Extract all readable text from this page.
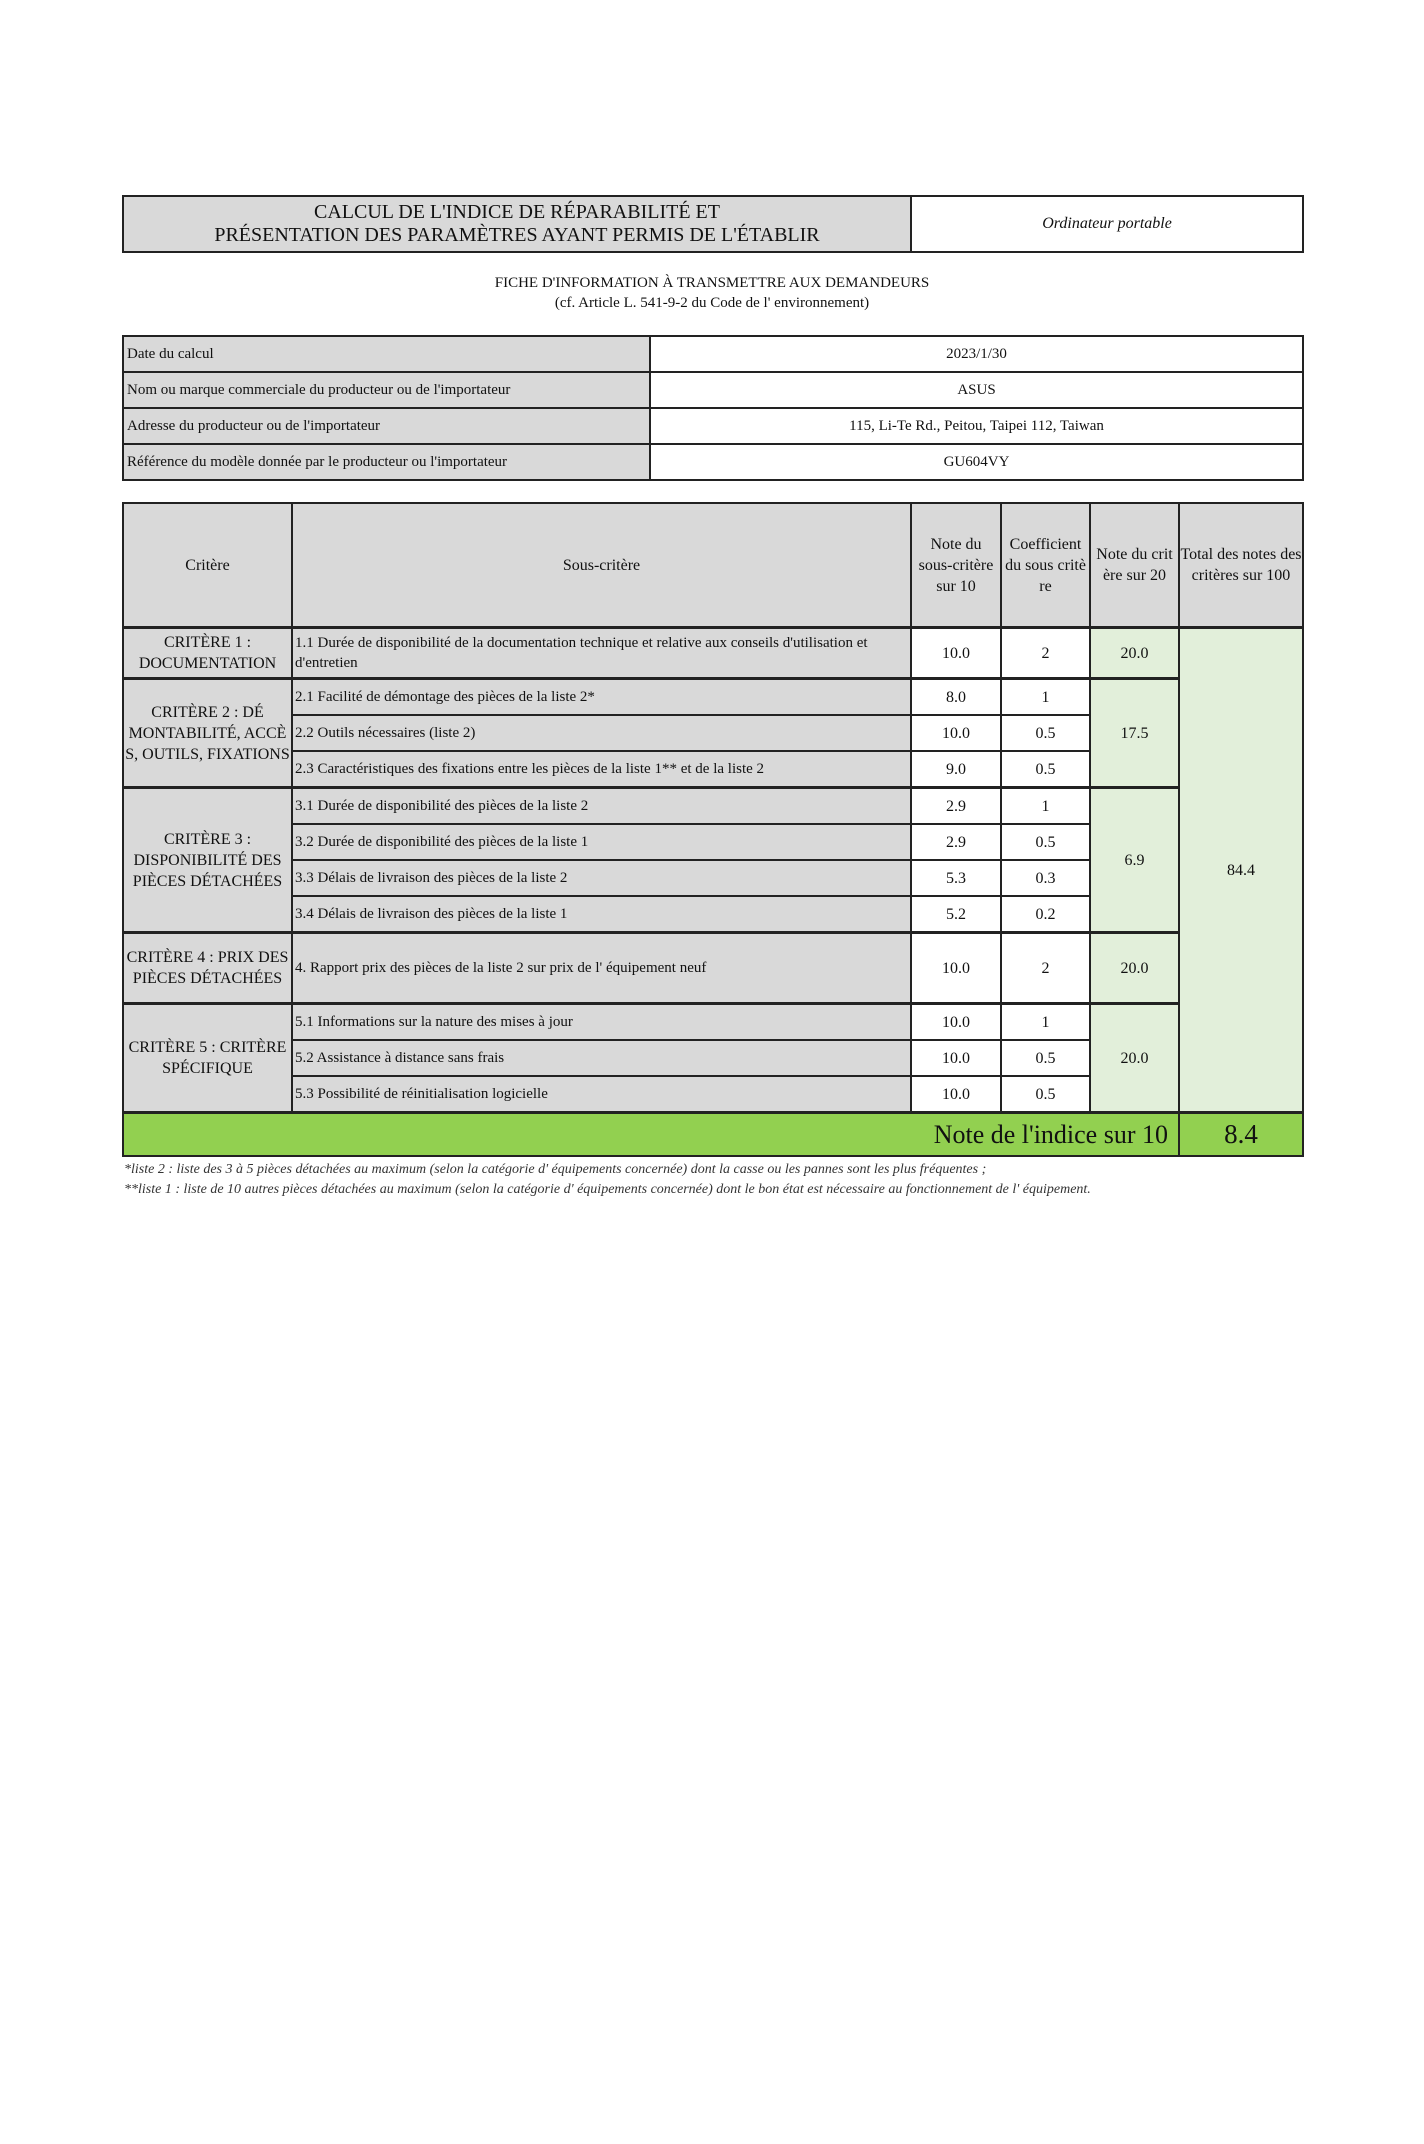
CALCUL DE L'INDICE DE RÉPARABILITÉ ET
PRÉSENTATION DES PARAMÈTRES AYANT PERMIS DE L'ÉTABLIR
	Ordinateur portable
FICHE D'INFORMATION À TRANSMETTRE AUX DEMANDEURS
(cf. Article L. 541-9-2 du Code de l' environnement)
Date du calcul	2023/1/30
Nom ou marque commerciale du producteur ou de l'importateur	ASUS
Adresse du producteur ou de l'importateur	115, Li-Te Rd., Peitou, Taipei 112, Taiwan
Référence du modèle donnée par le producteur ou l'importateur	GU604VY
Critère	Sous-critère	Note du sous-critère sur 10	Coefficient du sous critè re	Note du crit ère sur 20	Total des notes des critères sur 100
CRITÈRE 1 : DOCUMENTATION	1.1 Durée de disponibilité de la documentation technique et relative aux conseils d'utilisation et d'entretien	10.0	2	20.0	84.4
CRITÈRE 2 : DÉ MONTABILITÉ, ACCÈ S, OUTILS, FIXATIONS	2.1 Facilité de démontage des pièces de la liste 2*	8.0	1	17.5	
	2.2 Outils nécessaires (liste 2)	10.0	0.5		
	2.3 Caractéristiques des fixations entre les pièces de la liste 1** et de la liste 2	9.0	0.5		
CRITÈRE 3 : DISPONIBILITÉ DES PIÈCES DÉTACHÉES	3.1 Durée de disponibilité des pièces de la liste 2	2.9	1	6.9	
	3.2 Durée de disponibilité des pièces de la liste 1	2.9	0.5		
	3.3 Délais de livraison des pièces de la liste 2	5.3	0.3		
	3.4 Délais de livraison des pièces de la liste 1	5.2	0.2		
CRITÈRE 4 : PRIX DES PIÈCES DÉTACHÉES	4. Rapport prix des pièces de la liste 2 sur prix de l' équipement neuf	10.0	2	20.0	
CRITÈRE 5 : CRITÈRE SPÉCIFIQUE	5.1 Informations sur la nature des mises à jour	10.0	1	20.0	
	5.2 Assistance à distance sans frais	10.0	0.5		
	5.3 Possibilité de réinitialisation logicielle	10.0	0.5		
Note de l'indice sur 10					8.4
*liste 2 : liste des 3 à 5 pièces détachées au maximum (selon la catégorie d' équipements concernée) dont la casse ou les pannes sont les plus fréquentes ;
**liste 1 : liste de 10 autres pièces détachées au maximum (selon la catégorie d' équipements concernée) dont le bon état est nécessaire au fonctionnement de l' équipement.
